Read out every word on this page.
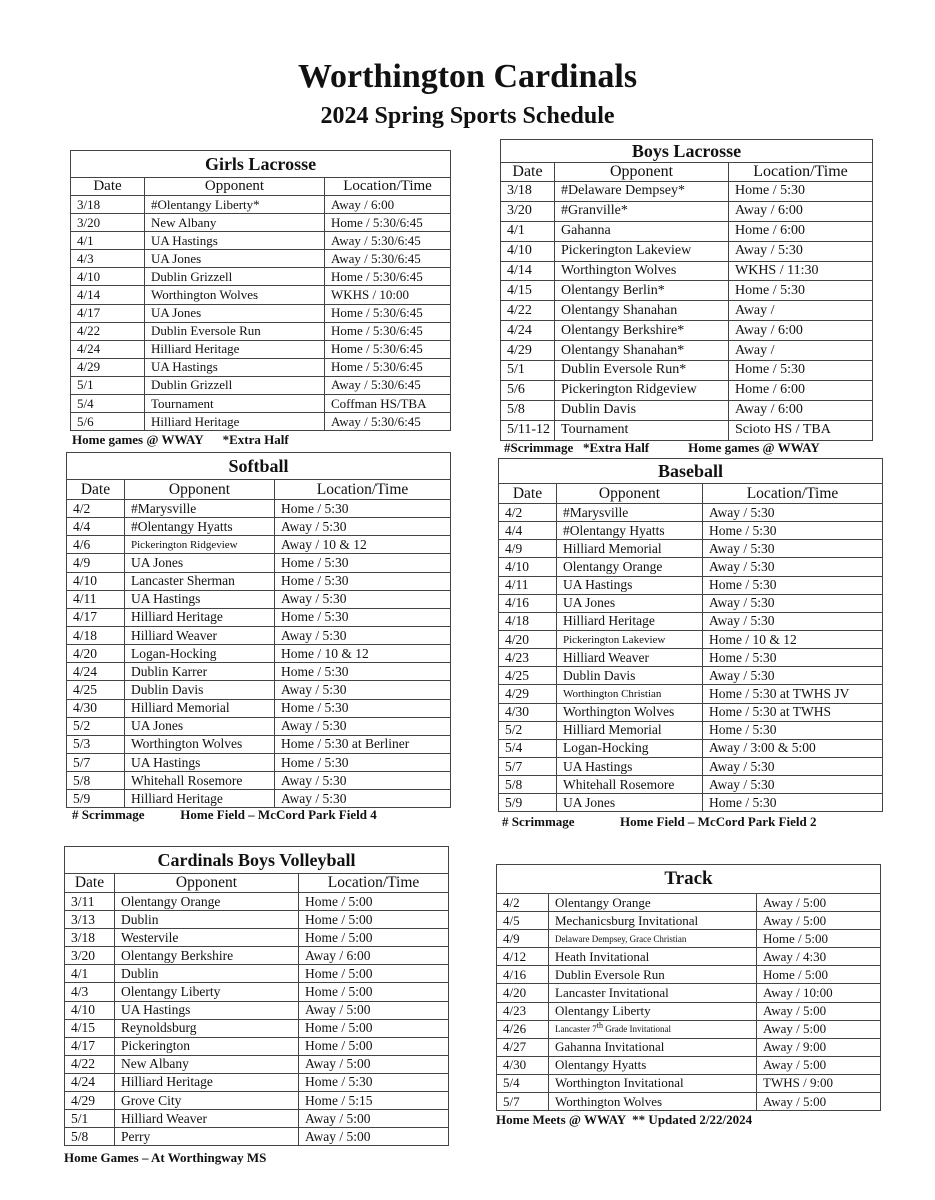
Worthington Cardinals
2024 Spring Sports Schedule
Girls Lacrosse		
Date	Opponent	Location/Time
3/18	#Olentangy Liberty*	Away / 6:00
3/20	New Albany	Home / 5:30/6:45
4/1	UA Hastings	Away / 5:30/6:45
4/3	UA Jones	Away / 5:30/6:45
4/10	Dublin Grizzell	Home / 5:30/6:45
4/14	Worthington Wolves	WKHS / 10:00
4/17	UA Jones	Home / 5:30/6:45
4/22	Dublin Eversole Run	Home / 5:30/6:45
4/24	Hilliard Heritage	Home / 5:30/6:45
4/29	UA Hastings	Home / 5:30/6:45
5/1	Dublin Grizzell	Away / 5:30/6:45
5/4	Tournament	Coffman HS/TBA
5/6	Hilliard Heritage	Away / 5:30/6:45
Home games @ WWAY      *Extra Half
Boys Lacrosse		
Date	Opponent	Location/Time
3/18	#Delaware Dempsey*	Home / 5:30
3/20	#Granville*	Away / 6:00
4/1	Gahanna	Home / 6:00
4/10	Pickerington Lakeview	Away / 5:30
4/14	Worthington Wolves	WKHS / 11:30
4/15	Olentangy Berlin*	Home / 5:30
4/22	Olentangy Shanahan	Away /
4/24	Olentangy Berkshire*	Away / 6:00
4/29	Olentangy Shanahan*	Away /
5/1	Dublin Eversole Run*	Home / 5:30
5/6	Pickerington Ridgeview	Home / 6:00
5/8	Dublin Davis	Away / 6:00
5/11-12	Tournament	Scioto HS / TBA
#Scrimmage   *Extra Half            Home games @ WWAY
Softball		
Date	Opponent	Location/Time
4/2	#Marysville	Home / 5:30
4/4	#Olentangy Hyatts	Away / 5:30
4/6	Pickerington Ridgeview	Away / 10 & 12
4/9	UA Jones	Home / 5:30
4/10	Lancaster Sherman	Home / 5:30
4/11	UA Hastings	Away / 5:30
4/17	Hilliard Heritage	Home / 5:30
4/18	Hilliard Weaver	Away / 5:30
4/20	Logan-Hocking	Home / 10 & 12
4/24	Dublin Karrer	Home / 5:30
4/25	Dublin Davis	Away / 5:30
4/30	Hilliard Memorial	Home / 5:30
5/2	UA Jones	Away / 5:30
5/3	Worthington Wolves	Home / 5:30 at Berliner
5/7	UA Hastings	Home / 5:30
5/8	Whitehall Rosemore	Away / 5:30
5/9	Hilliard Heritage	Away / 5:30
# Scrimmage           Home Field – McCord Park Field 4
Baseball		
Date	Opponent	Location/Time
4/2	#Marysville	Away / 5:30
4/4	#Olentangy Hyatts	Home / 5:30
4/9	Hilliard Memorial	Away / 5:30
4/10	Olentangy Orange	Away / 5:30
4/11	UA Hastings	Home / 5:30
4/16	UA Jones	Away / 5:30
4/18	Hilliard Heritage	Away / 5:30
4/20	Pickerington Lakeview	Home / 10 & 12
4/23	Hilliard Weaver	Home / 5:30
4/25	Dublin Davis	Away / 5:30
4/29	Worthington Christian	Home / 5:30 at TWHS JV
4/30	Worthington Wolves	Home / 5:30 at TWHS
5/2	Hilliard Memorial	Home / 5:30
5/4	Logan-Hocking	Away / 3:00 & 5:00
5/7	UA Hastings	Away / 5:30
5/8	Whitehall Rosemore	Away / 5:30
5/9	UA Jones	Home / 5:30
# Scrimmage              Home Field – McCord Park Field 2
Cardinals Boys Volleyball		
Date	Opponent	Location/Time
3/11	Olentangy Orange	Home / 5:00
3/13	Dublin	Home / 5:00
3/18	Westervile	Home / 5:00
3/20	Olentangy Berkshire	Away / 6:00
4/1	Dublin	Home / 5:00
4/3	Olentangy Liberty	Home / 5:00
4/10	UA Hastings	Away / 5:00
4/15	Reynoldsburg	Home / 5:00
4/17	Pickerington	Home / 5:00
4/22	New Albany	Away / 5:00
4/24	Hilliard Heritage	Home / 5:30
4/29	Grove City	Home / 5:15
5/1	Hilliard Weaver	Away / 5:00
5/8	Perry	Away / 5:00
Home Games – At Worthingway MS
Track		
4/2	Olentangy Orange	Away / 5:00
4/5	Mechanicsburg Invitational	Away / 5:00
4/9	Delaware Dempsey, Grace Christian	Home / 5:00
4/12	Heath Invitational	Away / 4:30
4/16	Dublin Eversole Run	Home / 5:00
4/20	Lancaster Invitational	Away / 10:00
4/23	Olentangy Liberty	Away / 5:00
4/26	Lancaster 7th Grade Invitational	Away / 5:00
4/27	Gahanna Invitational	Away / 9:00
4/30	Olentangy Hyatts	Away / 5:00
5/4	Worthington Invitational	TWHS / 9:00
5/7	Worthington Wolves	Away / 5:00
Home Meets @ WWAY  ** Updated 2/22/2024
